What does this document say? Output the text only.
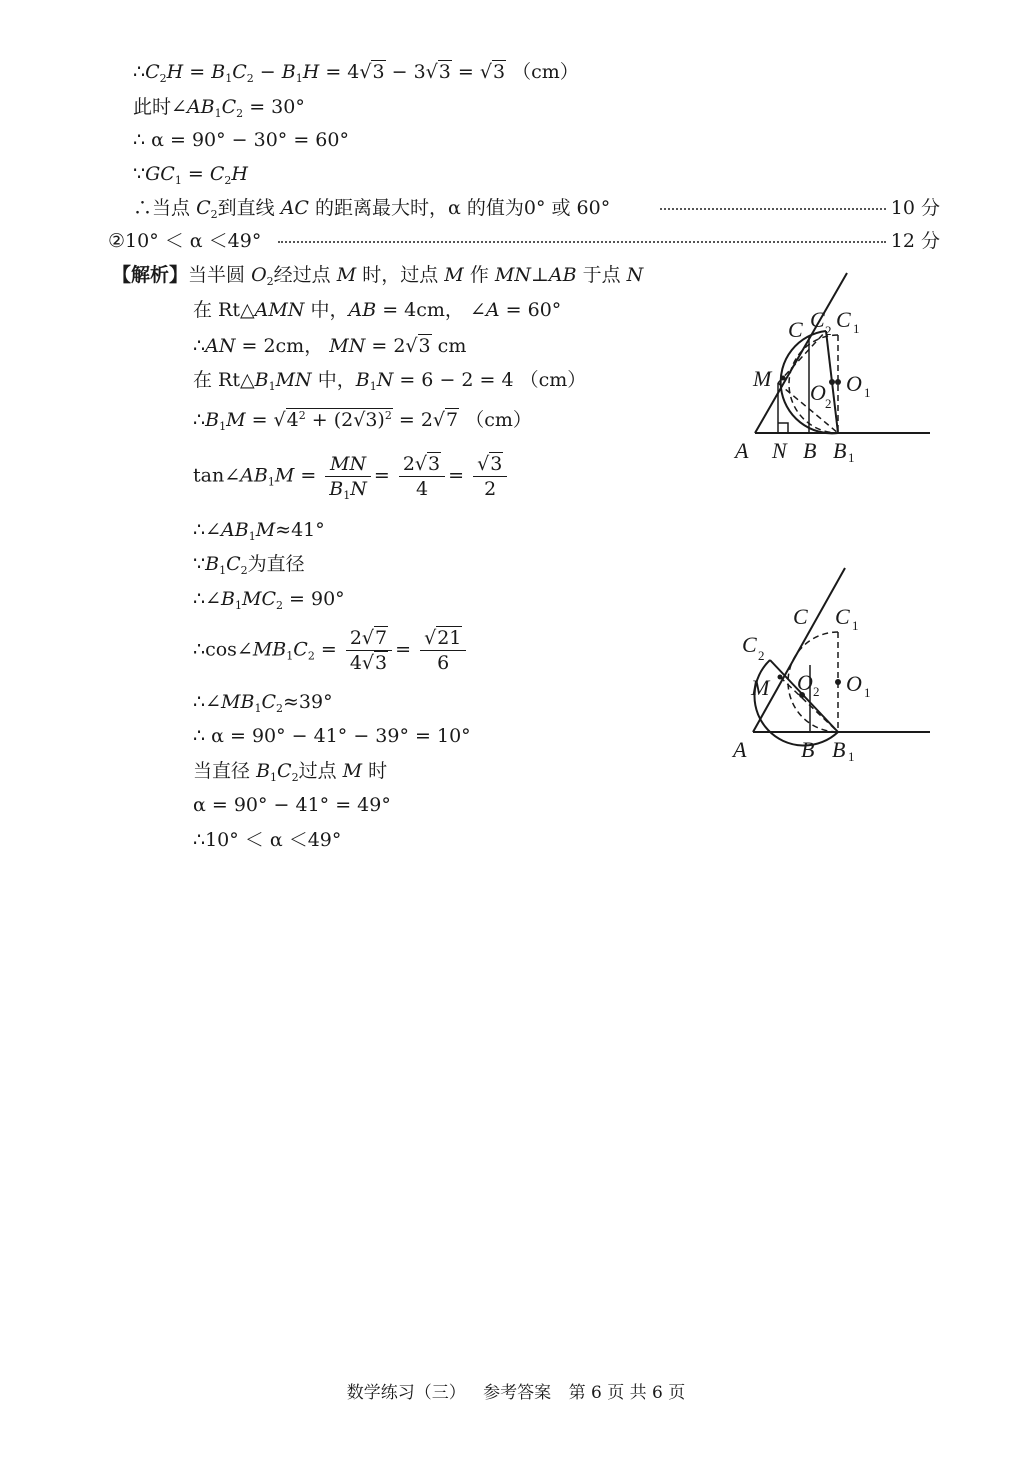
$\therefore C_2H = B_1C_2 - B_1H = 4√3 - 3√3 = √3$ （cm）
此时$\angle AB_1C_2 = 30^\circ$
∴ α = 90° − 30° = 60°
$\because GC_1 = C_2H$
∴当点 $C_2$到直线 AC 的距离最大时，α 的值为0° 或 60°	10 分
②10° ＜ α ＜49°	12 分
【解析】当半圆 $O_2$经过点 M 时，过点 M 作 MN⊥AB 于点 N
在 Rt△AMN 中，AB = 4cm， ∠A = 60°
∴AN = 2cm， MN = 2√3 cm
在 $Rt\triangle B_1MN$ 中，$B_1N = 6 - 2 = 4$ （cm）
$\therefore B_1M = √4^2 + (2√3)^2 = 2√7$ （cm）
$\tan\angle AB_1M = \frac{MN}{B_1N} = \frac{2√3}{4} = \frac{√3}{2}$
$\therefore\angle AB_1M\approx 41^\circ$
$\because B_1C_2$为直径
$\therefore\angle B_1MC_2 = 90^\circ$
$\therefore\cos\angle MB_1C_2 = \frac{2√7}{4√3} = \frac{√21}{6}$
$\therefore\angle MB_1C_2\approx 39^\circ$
∴ α = 90° − 41° − 39° = 10°
当直径 $B_1C_2$过点 M 时
α = 90° − 41° = 49°
∴10° ＜ α ＜49°
A N B B 1
C C 2 C 1
M
O 2
O 1
A B B 1
C C 1
C 2
M O 2 O 1
数学练习（三） 参考答案 第 6 页 共 6 页
